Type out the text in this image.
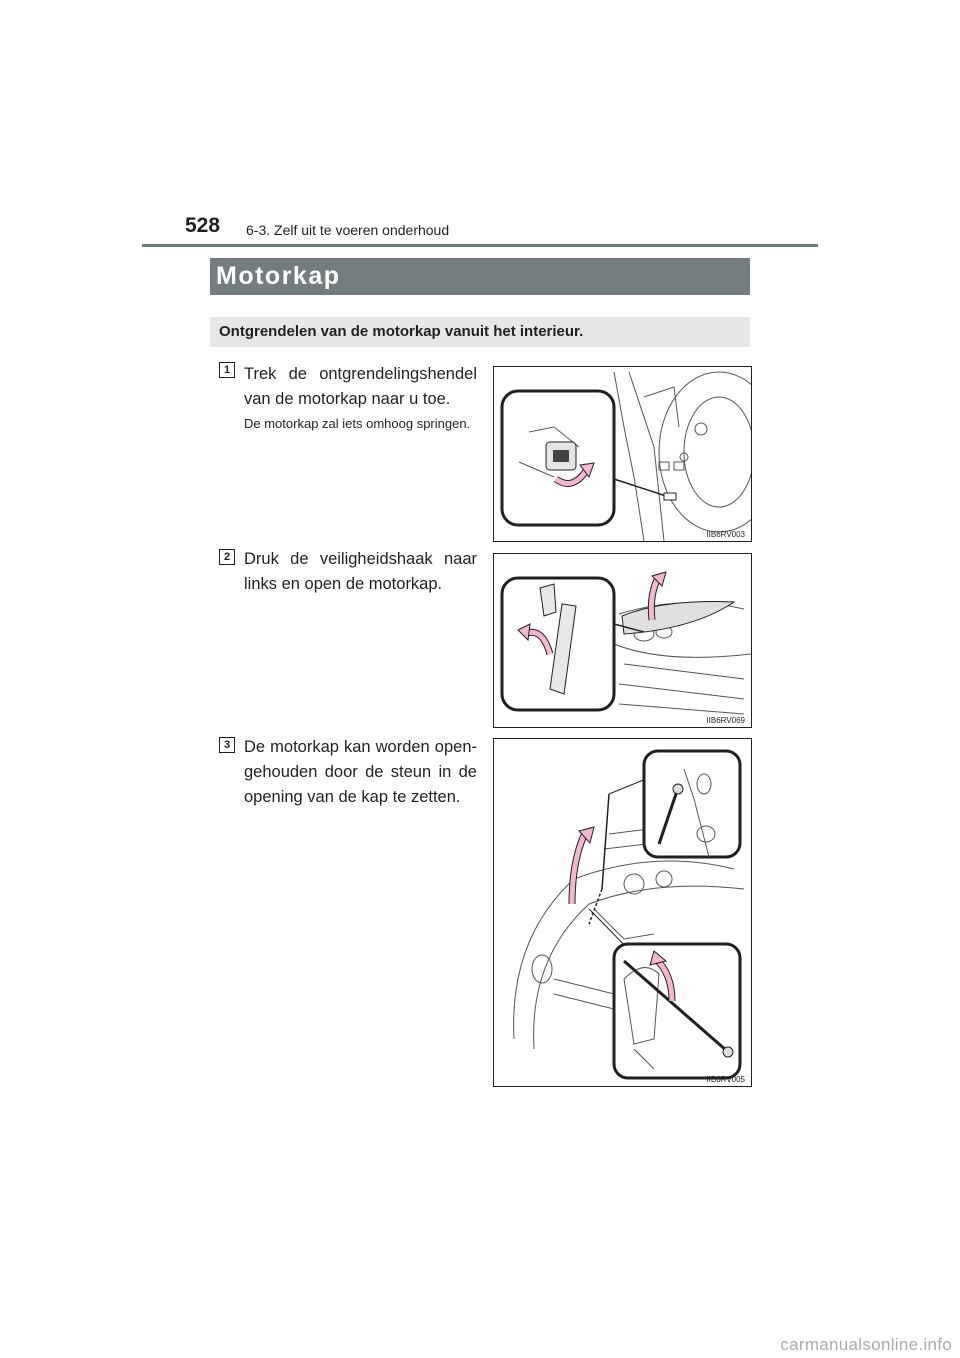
528 6-3. Zelf uit te voeren onderhoud
Motorkap
Ontgrendelen van de motorkap vanuit het interieur.
1 Trek de ontgrendelingshendel van de motorkap naar u toe.
De motorkap zal iets omhoog springen.
IIB6RV003
2 Druk de veiligheidshaak naar links en open de motorkap.
IIB6RV069
3 De motorkap kan worden open-gehouden door de steun in de opening van de kap te zetten.
IIB6RV005
carmanualsonline.info
